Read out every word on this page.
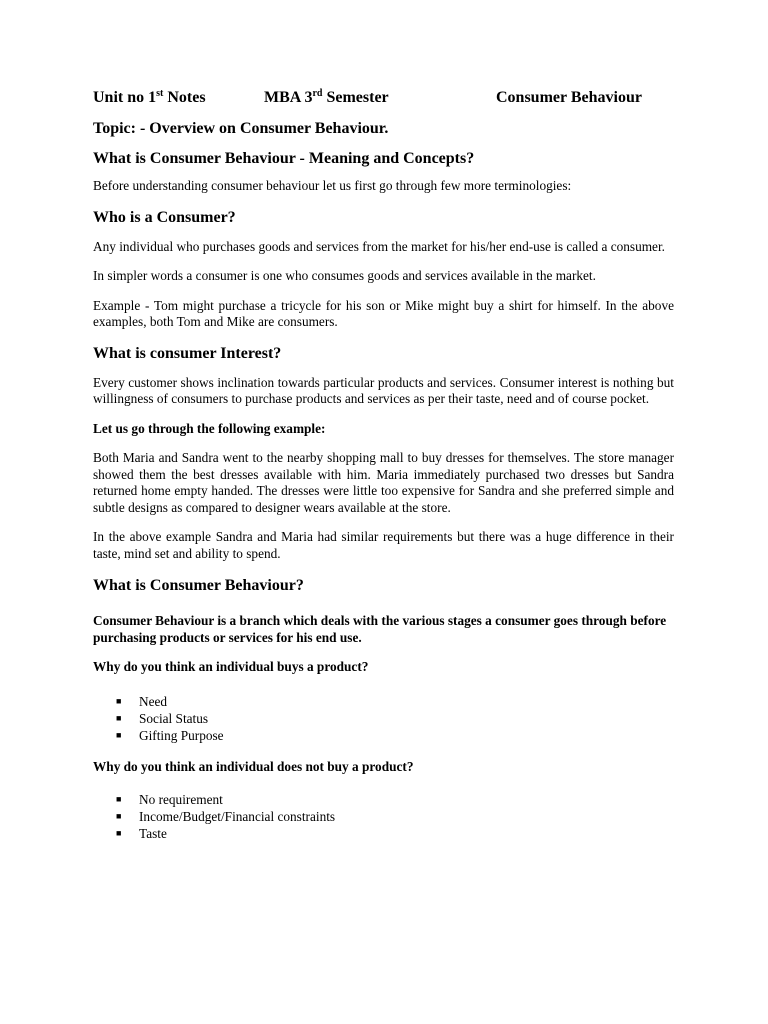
Unit no 1st Notes	MBA 3rd Semester	Consumer Behaviour
Topic: - Overview on Consumer Behaviour.
What is Consumer Behaviour - Meaning and Concepts?

Before understanding consumer behaviour let us first go through few more terminologies:

Who is a Consumer?

Any individual who purchases goods and services from the market for his/her end-use is called a consumer.

In simpler words a consumer is one who consumes goods and services available in the market.

Example - Tom might purchase a tricycle for his son or Mike might buy a shirt for himself. In the above examples, both Tom and Mike are consumers.

What is consumer Interest?

Every customer shows inclination towards particular products and services. Consumer interest is nothing but willingness of consumers to purchase products and services as per their taste, need and of course pocket.

Let us go through the following example:

Both Maria and Sandra went to the nearby shopping mall to buy dresses for themselves. The store manager showed them the best dresses available with him. Maria immediately purchased two dresses but Sandra returned home empty handed. The dresses were little too expensive for Sandra and she preferred simple and subtle designs as compared to designer wears available at the store.

In the above example Sandra and Maria had similar requirements but there was a huge difference in their taste, mind set and ability to spend.

What is Consumer Behaviour?

Consumer Behaviour is a branch which deals with the various stages a consumer goes through before purchasing products or services for his end use.

Why do you think an individual buys a product?

■ Need
■ Social Status
■ Gifting Purpose

Why do you think an individual does not buy a product?

■ No requirement
■ Income/Budget/Financial constraints
■ Taste
